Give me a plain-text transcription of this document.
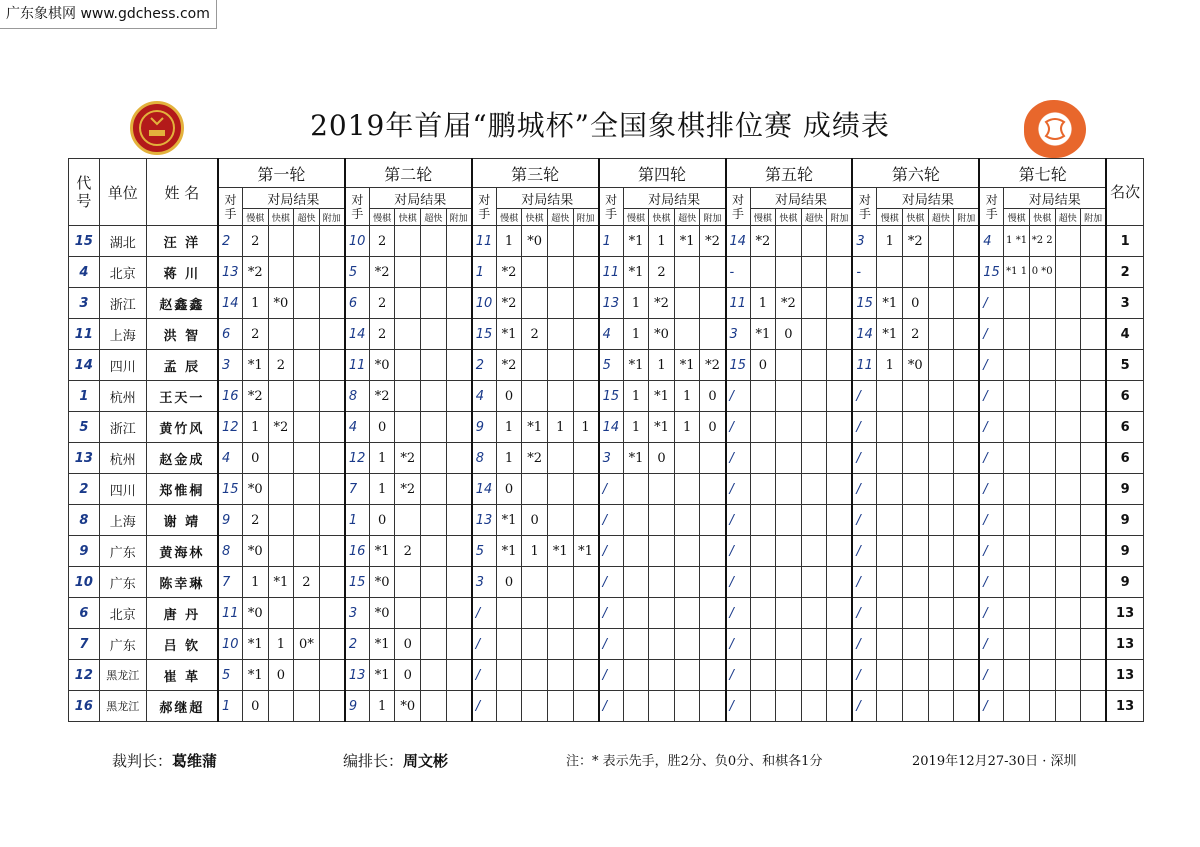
广东象棋网 www.gdchess.com
2019年首届“鹏城杯”全国象棋排位赛 成绩表
代号	单位	姓 名	第一轮					第二轮					第三轮					第四轮					第五轮					第六轮					第七轮					名次
			对手	对局结果				对手	对局结果				对手	对局结果				对手	对局结果				对手	对局结果				对手	对局结果				对手	对局结果				
				慢棋	快棋	超快	附加		慢棋	快棋	超快	附加		慢棋	快棋	超快	附加		慢棋	快棋	超快	附加		慢棋	快棋	超快	附加		慢棋	快棋	超快	附加		慢棋	快棋	超快	附加	
15	湖北	汪 洋	2	2				10	2				11	1	*0			1	*1	1	*1	*2	14	*2				3	1	*2			4	1 *1	*2 2			1
4	北京	蒋 川	13	*2				5	*2				1	*2				11	*1	2			-					-					15	*1 1	0 *0			2
3	浙江	赵鑫鑫	14	1	*0			6	2				10	*2				13	1	*2			11	1	*2			15	*1	0			/					3
11	上海	洪 智	6	2				14	2				15	*1	2			4	1	*0			3	*1	0			14	*1	2			/					4
14	四川	孟 辰	3	*1	2			11	*0				2	*2				5	*1	1	*1	*2	15	0				11	1	*0			/					5
1	杭州	王天一	16	*2				8	*2				4	0				15	1	*1	1	0	/					/					/					6
5	浙江	黄竹风	12	1	*2			4	0				9	1	*1	1	1	14	1	*1	1	0	/					/					/					6
13	杭州	赵金成	4	0				12	1	*2			8	1	*2			3	*1	0			/					/					/					6
2	四川	郑惟桐	15	*0				7	1	*2			14	0				/					/					/					/					9
8	上海	谢 靖	9	2				1	0				13	*1	0			/					/					/					/					9
9	广东	黄海林	8	*0				16	*1	2			5	*1	1	*1	*1	/					/					/					/					9
10	广东	陈幸琳	7	1	*1	2		15	*0				3	0				/					/					/					/					9
6	北京	唐 丹	11	*0				3	*0				/					/					/					/					/					13
7	广东	吕 钦	10	*1	1	0*		2	*1	0			/					/					/					/					/					13
12	黑龙江	崔 革	5	*1	0			13	*1	0			/					/					/					/					/					13
16	黑龙江	郝继超	1	0				9	1	*0			/					/					/					/					/					13
裁判长：葛维蒲	编排长：周文彬	注：* 表示先手，胜2分、负0分、和棋各1分	2019年12月27-30日 · 深圳
